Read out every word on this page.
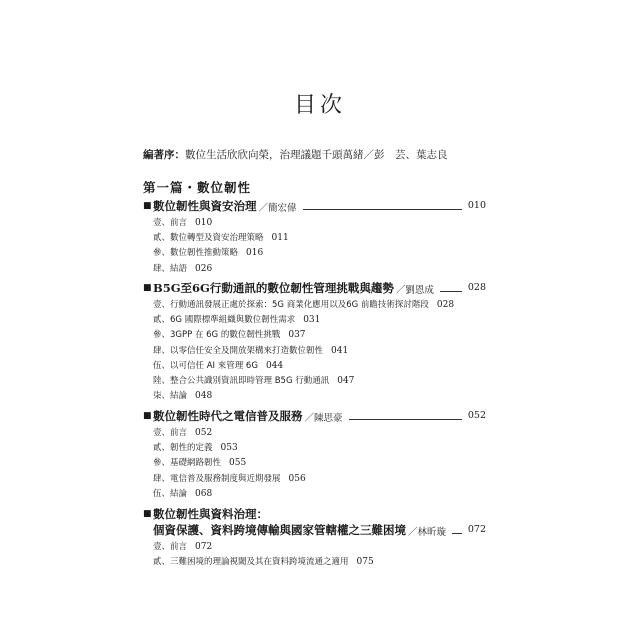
目次
編著序：數位生活欣欣向榮，治理議題千頭萬緒／彭　芸、葉志良
第一篇・數位韌性
■ 數位韌性與資安治理 ／簡宏偉	010
壹、前言 010
貳、數位轉型及資安治理策略 011
參、數位韌性推動策略 016
肆、結語 026
■ B5G至6G行動通訊的數位韌性管理挑戰與趨勢 ／劉恩成	028
壹、行動通訊發展正處於探索：5G 商業化應用以及6G 前瞻技術探討階段 028
貳、6G 國際標準組織與數位韌性需求 031
參、3GPP 在 6G 的數位韌性挑戰 037
肆、以零信任安全及開放架構來打造數位韌性 041
伍、以可信任 AI 來管理 6G 044
陸、整合公共識別資訊即時管理 B5G 行動通訊 047
柒、結論 048
■ 數位韌性時代之電信普及服務 ／陳思豪	052
壹、前言 052
貳、韌性的定義 053
參、基礎網路韌性 055
肆、電信普及服務制度與近期發展 056
伍、結論 068
■ 數位韌性與資料治理：
個資保護、資料跨境傳輸與國家管轄權之三難困境 ／林昕璇 072
壹、前言 072
貳、三難困境的理論視閾及其在資料跨境流通之適用 075
